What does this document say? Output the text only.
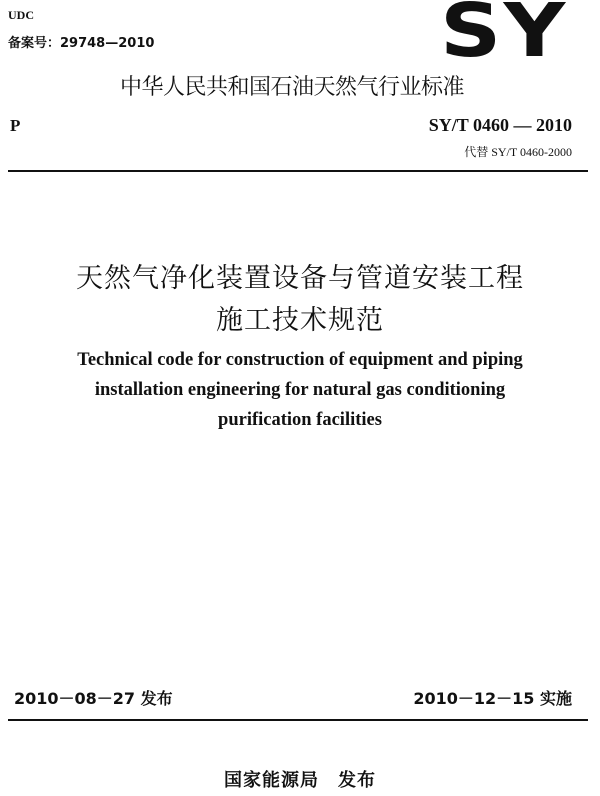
UDC
备案号：29748—2010	SY
中华人民共和国石油天然气行业标准
P	SY/T 0460 — 2010
代替 SY/T 0460-2000
天然气净化装置设备与管道安装工程
施工技术规范
Technical code for construction of equipment and piping
installation engineering for natural gas conditioning
purification facilities
2010－08－27 发布	2010－12－15 实施
国家能源局　发布
